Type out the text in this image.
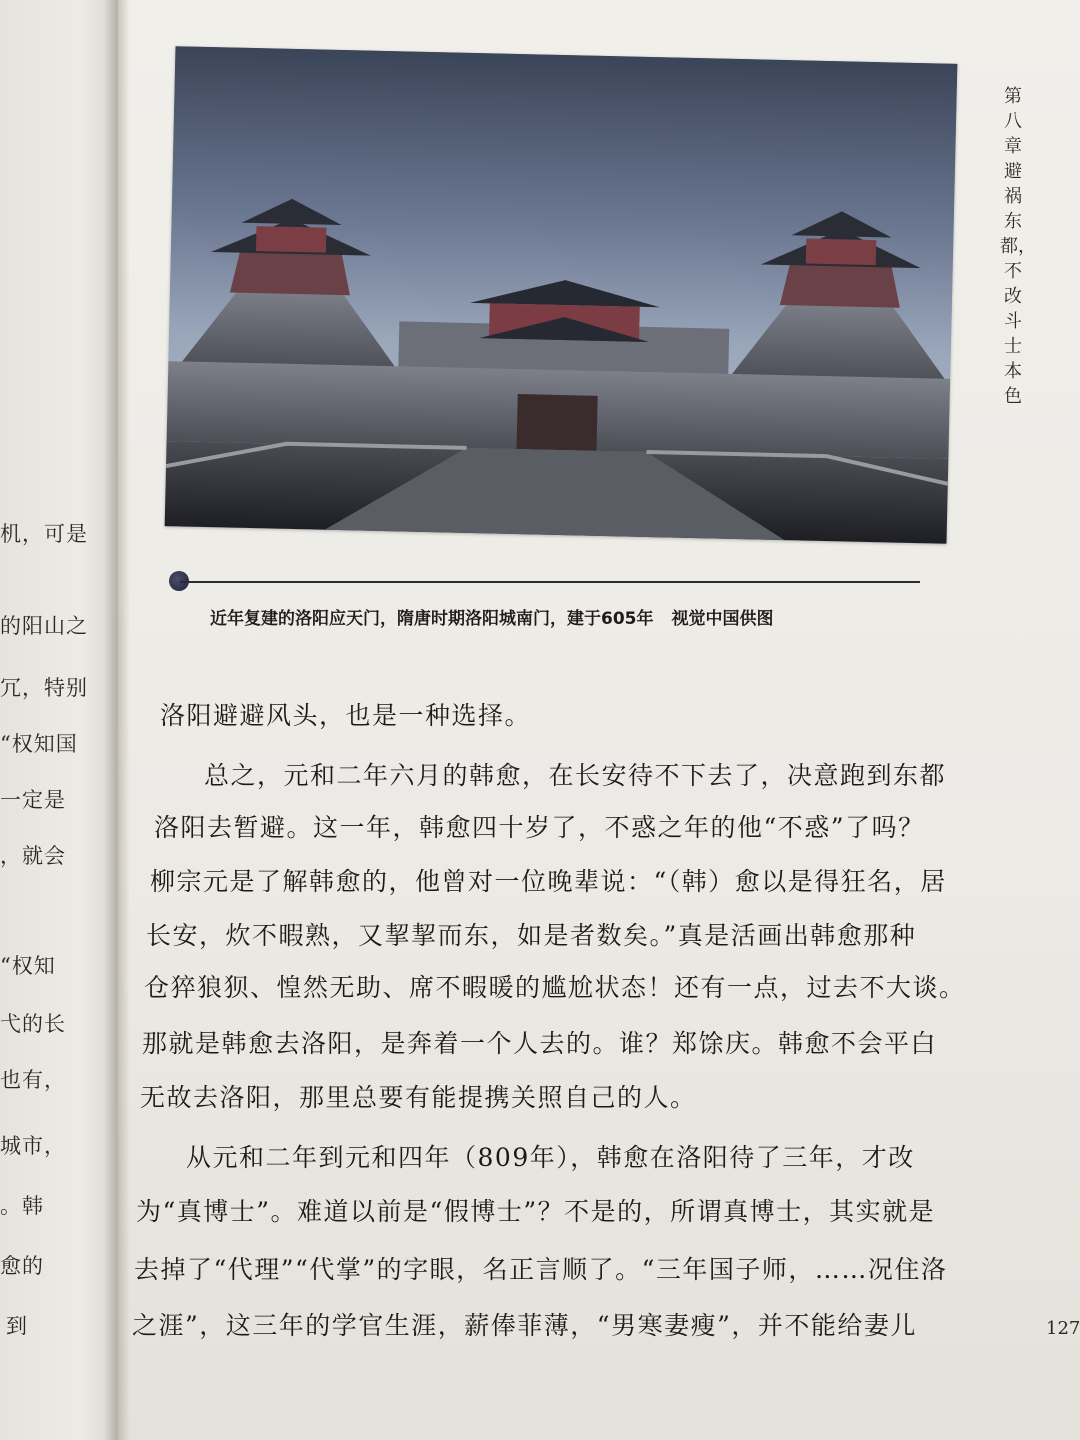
机，可是
的阳山之
冗，特别
“权知国
一定是
，就会
“权知
弋的长
也有，
城市，
。韩
愈的
到
近年复建的洛阳应天门，隋唐时期洛阳城南门，建于605年 视觉中国供图
第八章 避祸东都，不改斗士本色
洛阳避避风头，也是一种选择。
总之，元和二年六月的韩愈，在长安待不下去了，决意跑到东都
洛阳去暂避。这一年，韩愈四十岁了，不惑之年的他“不惑”了吗？
柳宗元是了解韩愈的，他曾对一位晚辈说：“（韩）愈以是得狂名，居
长安，炊不暇熟，又挈挈而东，如是者数矣。”真是活画出韩愈那种
仓猝狼狈、惶然无助、席不暇暖的尴尬状态！还有一点，过去不大谈。
那就是韩愈去洛阳，是奔着一个人去的。谁？郑馀庆。韩愈不会平白
无故去洛阳，那里总要有能提携关照自己的人。
从元和二年到元和四年（809年），韩愈在洛阳待了三年，才改
为“真博士”。难道以前是“假博士”？不是的，所谓真博士，其实就是
去掉了“代理”“代掌”的字眼，名正言顺了。“三年国子师，……况住洛
之涯”，这三年的学官生涯，薪俸菲薄，“男寒妻瘦”，并不能给妻儿	127
